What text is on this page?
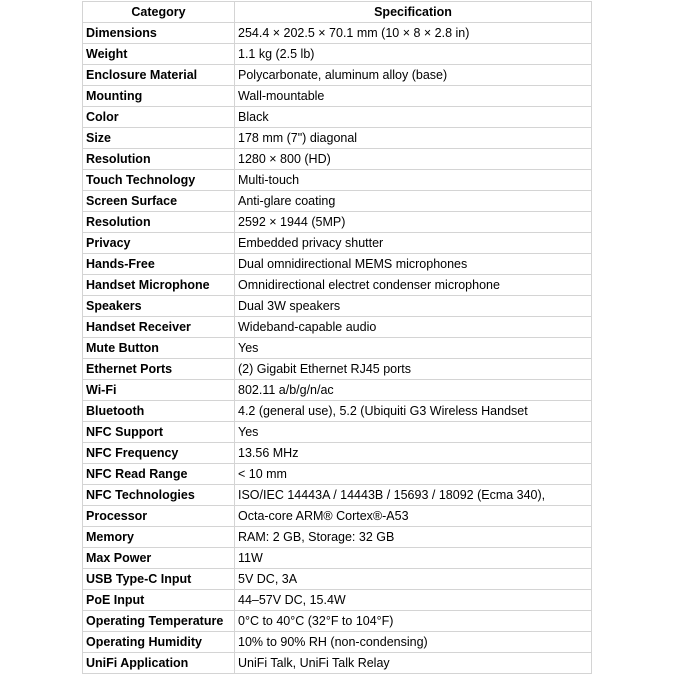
Category	Specification
Dimensions	254.4 × 202.5 × 70.1 mm (10 × 8 × 2.8 in)
Weight	1.1 kg (2.5 lb)
Enclosure Material	Polycarbonate, aluminum alloy (base)
Mounting	Wall-mountable
Color	Black
Size	178 mm (7") diagonal
Resolution	1280 × 800 (HD)
Touch Technology	Multi-touch
Screen Surface	Anti-glare coating
Resolution	2592 × 1944 (5MP)
Privacy	Embedded privacy shutter
Hands-Free	Dual omnidirectional MEMS microphones
Handset Microphone	Omnidirectional electret condenser microphone
Speakers	Dual 3W speakers
Handset Receiver	Wideband-capable audio
Mute Button	Yes
Ethernet Ports	(2) Gigabit Ethernet RJ45 ports
Wi-Fi	802.11 a/b/g/n/ac
Bluetooth	4.2 (general use), 5.2 (Ubiquiti G3 Wireless Handset
NFC Support	Yes
NFC Frequency	13.56 MHz
NFC Read Range	< 10 mm
NFC Technologies	ISO/IEC 14443A / 14443B / 15693 / 18092 (Ecma 340),
Processor	Octa-core ARM® Cortex®-A53
Memory	RAM: 2 GB, Storage: 32 GB
Max Power	11W
USB Type-C Input	5V DC, 3A
PoE Input	44–57V DC, 15.4W
Operating Temperature	0°C to 40°C (32°F to 104°F)
Operating Humidity	10% to 90% RH (non-condensing)
UniFi Application	UniFi Talk, UniFi Talk Relay
